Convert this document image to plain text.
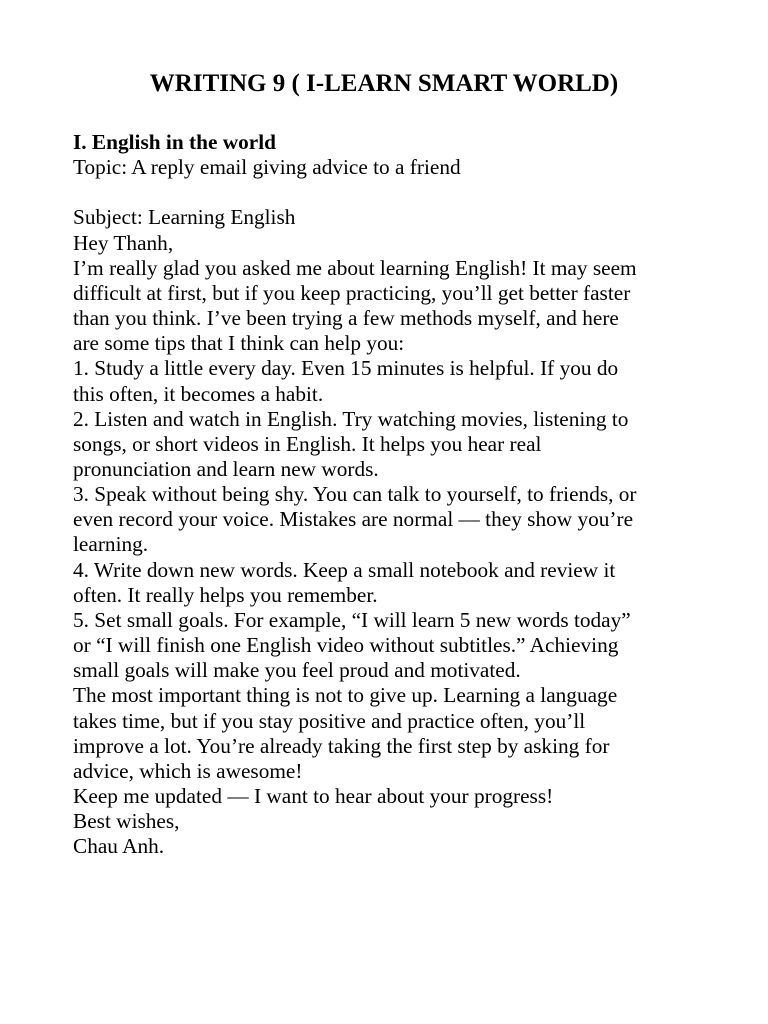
WRITING 9 ( I-LEARN SMART WORLD)

I. English in the world

Topic: A reply email giving advice to a friend

Subject: Learning English

Hey Thanh,

I’m really glad you asked me about learning English! It may seem
difficult at first, but if you keep practicing, you’ll get better faster
than you think. I’ve been trying a few methods myself, and here
are some tips that I think can help you:
1. Study a little every day. Even 15 minutes is helpful. If you do
this often, it becomes a habit.
2. Listen and watch in English. Try watching movies, listening to
songs, or short videos in English. It helps you hear real
pronunciation and learn new words.
3. Speak without being shy. You can talk to yourself, to friends, or
even record your voice. Mistakes are normal — they show you’re
learning.
4. Write down new words. Keep a small notebook and review it
often. It really helps you remember.
5. Set small goals. For example, “I will learn 5 new words today”
or “I will finish one English video without subtitles.” Achieving
small goals will make you feel proud and motivated.
The most important thing is not to give up. Learning a language
takes time, but if you stay positive and practice often, you’ll
improve a lot. You’re already taking the first step by asking for
advice, which is awesome!

Keep me updated — I want to hear about your progress!

Best wishes,

Chau Anh.
